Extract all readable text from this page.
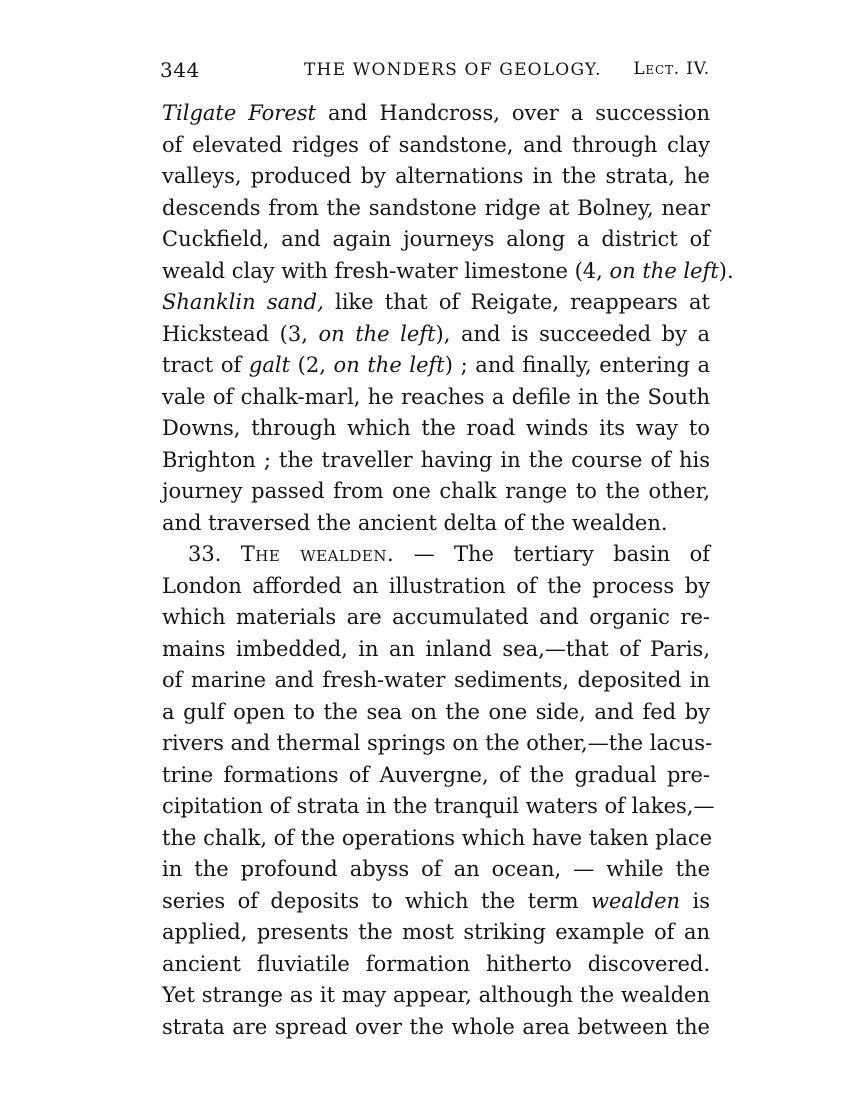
344	THE WONDERS OF GEOLOGY. Lect. IV.
Tilgate Forest and Handcross, over a succession
of elevated ridges of sandstone, and through clay
valleys, produced by alternations in the strata, he
descends from the sandstone ridge at Bolney, near
Cuckfield, and again journeys along a district of
weald clay with fresh-water limestone (4, on the left).
Shanklin sand, like that of Reigate, reappears at
Hickstead (3, on the left), and is succeeded by a
tract of galt (2, on the left) ; and finally, entering a
vale of chalk-marl, he reaches a defile in the South
Downs, through which the road winds its way to
Brighton ; the traveller having in the course of his
journey passed from one chalk range to the other,
and traversed the ancient delta of the wealden.
33. The wealden. — The tertiary basin of
London afforded an illustration of the process by
which materials are accumulated and organic re-
mains imbedded, in an inland sea,—that of Paris,
of marine and fresh-water sediments, deposited in
a gulf open to the sea on the one side, and fed by
rivers and thermal springs on the other,—the lacus-
trine formations of Auvergne, of the gradual pre-
cipitation of strata in the tranquil waters of lakes,—
the chalk, of the operations which have taken place
in the profound abyss of an ocean, — while the
series of deposits to which the term wealden is
applied, presents the most striking example of an
ancient fluviatile formation hitherto discovered.
Yet strange as it may appear, although the wealden
strata are spread over the whole area between the
